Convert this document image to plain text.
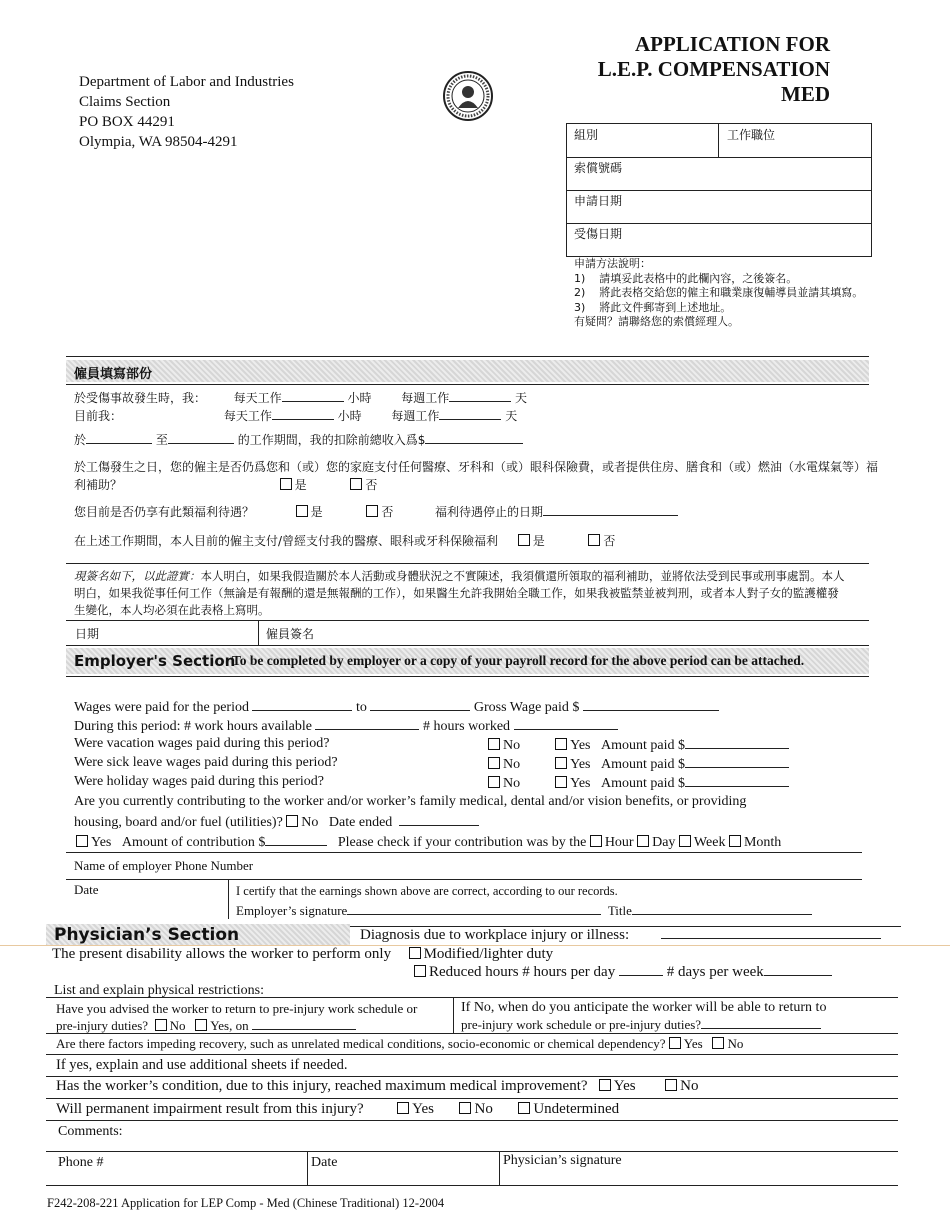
APPLICATION FOR
L.E.P. COMPENSATION
MED
Department of Labor and Industries
Claims Section
PO BOX 44291
Olympia, WA 98504-4291	組別	工作職位
索償號碼
申請日期
受傷日期
申請方法說明：
1) 請填妥此表格中的此欄內容，之後簽名。
2) 將此表格交給您的僱主和職業康復輔導員並請其填寫。
3) 將此文件郵寄到上述地址。
有疑問？請聯絡您的索償經理人。
僱員填寫部份
於受傷事故發生時，我： 每天工作	小時 每週工作	天
目前我：	每天工作	小時 每週工作	天
於	至	的工作期間，我的扣除前總收入爲$
於工傷發生之日，您的僱主是否仍爲您和（或）您的家庭支付任何醫療、牙科和（或）眼科保險費，或者提供住房、膳食和（或）燃油（水電煤氣等）福
利補助？	是	否
您目前是否仍享有此類福利待遇？	是	否	福利待遇停止的日期
在上述工作期間，本人目前的僱主支付/曾經支付我的醫療、眼科或牙科保險福利	是	否
現簽名如下，以此證實：本人明白，如果我假造關於本人活動或身體狀況之不實陳述，我須償還所領取的福利補助，並將依法受到民事或刑事處罰。本人
明白，如果我從事任何工作（無論是有報酬的還是無報酬的工作），如果醫生允許我開始全職工作，如果我被監禁並被判刑，或者本人對子女的監護權發
生變化，本人均必須在此表格上寫明。
日期	僱員簽名
Employer's Section
To be completed by employer or a copy of your payroll record for the above period can be attached.
Wages were paid for the period	to	Gross Wage paid $
During this period: # work hours available	# hours worked
Were vacation wages paid during this period?	No	Yes Amount paid $
Were sick leave wages paid during this period?	No	Yes Amount paid $
Were holiday wages paid during this period?	No	Yes Amount paid $
Are you currently contributing to the worker and/or worker’s family medical, dental and/or vision benefits, or providing
housing, board and/or fuel (utilities)? No Date ended
Yes Amount of contribution $	Please check if your contribution was by the Hour Day Week Month
Name of employer Phone Number
Date	I certify that the earnings shown above are correct, according to our records.
Employer’s signature	Title
Physician’s Section	Diagnosis due to workplace injury or illness:
The present disability allows the worker to perform only Modified/lighter duty
Reduced hours # hours per day	# days per week
List and explain physical restrictions:
Have you advised the worker to return to pre-injury work schedule or
pre-injury duties? No Yes, on
If No, when do you anticipate the worker will be able to return to
pre-injury work schedule or pre-injury duties?
Are there factors impeding recovery, such as unrelated medical conditions, socio-economic or chemical dependency? Yes No
If yes, explain and use additional sheets if needed.
Has the worker’s condition, due to this injury, reached maximum medical improvement? Yes	No
Will permanent impairment result from this injury?	Yes	No	Undetermined
Comments:
Phone #	Date	Physician’s signature
F242-208-221 Application for LEP Comp - Med (Chinese Traditional) 12-2004
